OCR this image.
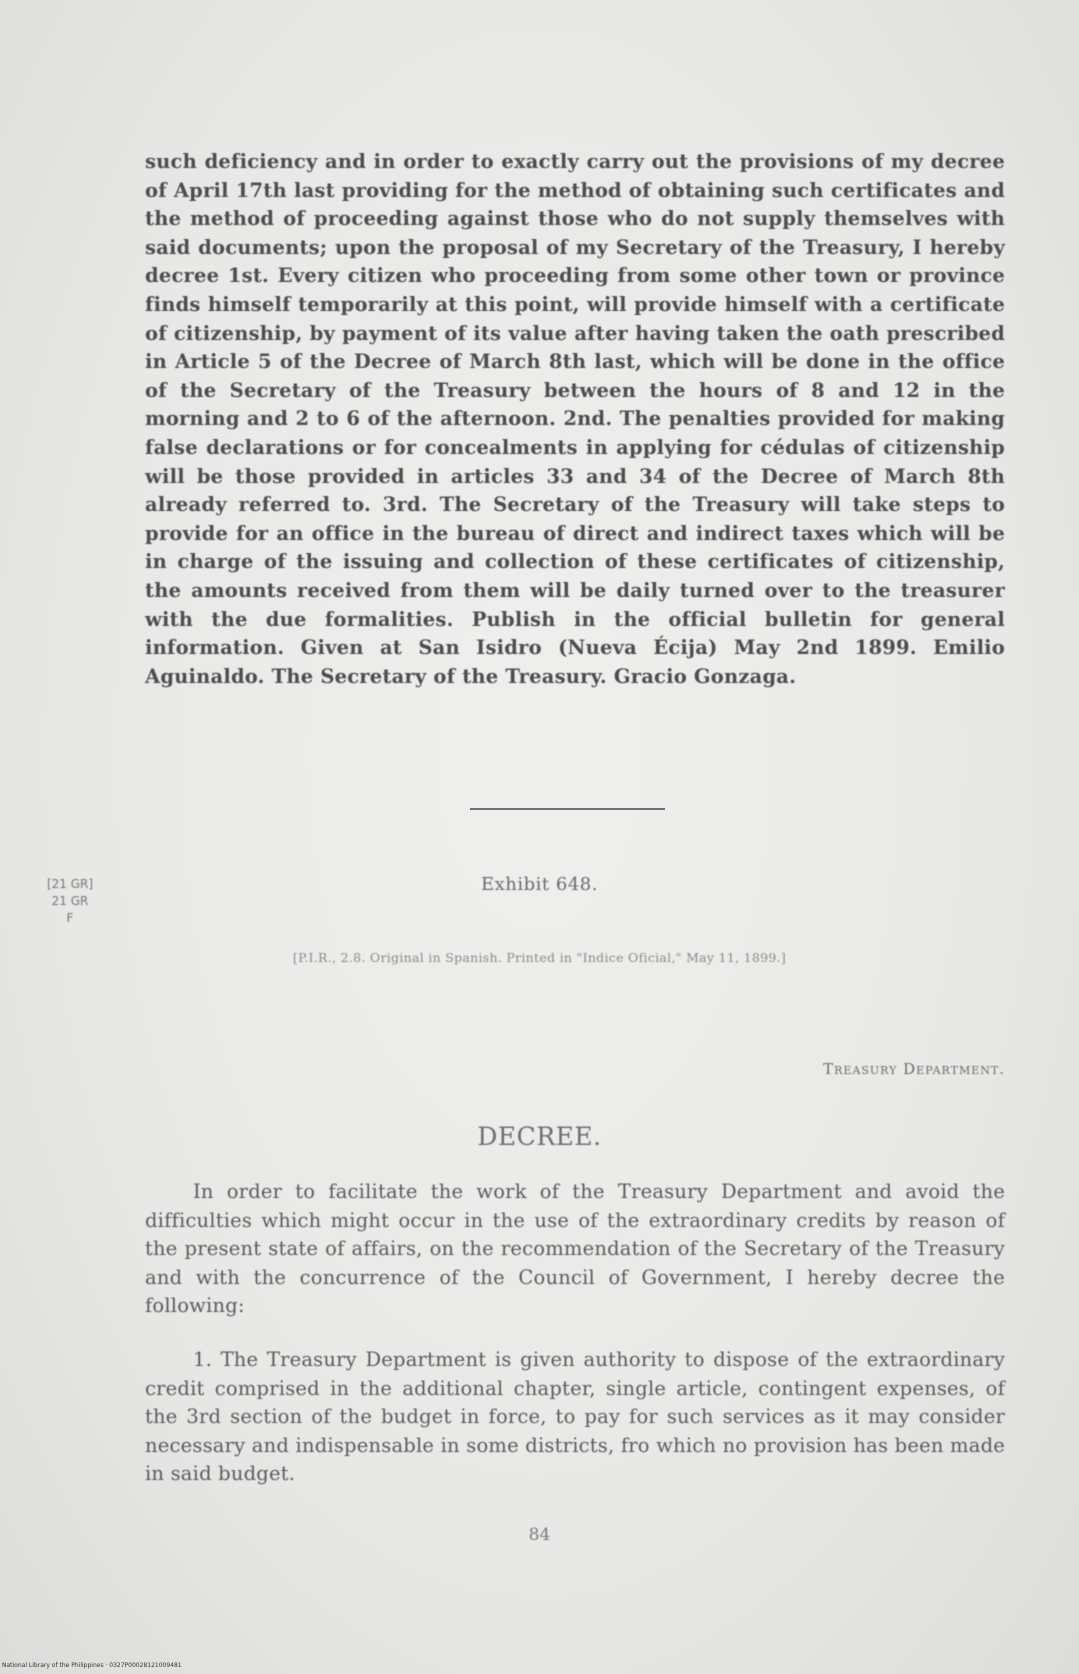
such deficiency and in order to exactly carry out the provisions of my decree of April 17th last providing for the method of obtaining such certificates and the method of proceeding against those who do not supply themselves with said documents; upon the proposal of my Secretary of the Treasury, I hereby decree 1st. Every citizen who proceeding from some other town or province finds himself temporarily at this point, will provide himself with a certificate of citizenship, by payment of its value after having taken the oath prescribed in Article 5 of the Decree of March 8th last, which will be done in the office of the Secretary of the Treasury between the hours of 8 and 12 in the morning and 2 to 6 of the afternoon. 2nd. The penalties provided for making false declarations or for concealments in applying for cédulas of citizenship will be those provided in articles 33 and 34 of the Decree of March 8th already referred to. 3rd. The Secretary of the Treasury will take steps to provide for an office in the bureau of direct and indirect taxes which will be in charge of the issuing and collection of these certificates of citizenship, the amounts received from them will be daily turned over to the treasurer with the due formalities. Publish in the official bulletin for general information. Given at San Isidro (Nueva Écija) May 2nd 1899. Emilio Aguinaldo. The Secretary of the Treasury. Gracio Gonzaga.

[21 GR]
21 GR
F
Exhibit 648.
[P.I.R., 2.8. Original in Spanish. Printed in "Indice Oficial," May 11, 1899.]
Treasury Department.
DECREE.

In order to facilitate the work of the Treasury Department and avoid the difficulties which might occur in the use of the extraordinary credits by reason of the present state of affairs, on the recommendation of the Secretary of the Treasury and with the concurrence of the Council of Government, I hereby decree the following:

1. The Treasury Department is given authority to dispose of the extraordinary credit comprised in the additional chapter, single article, contingent expenses, of the 3rd section of the budget in force, to pay for such services as it may consider necessary and indispensable in some districts, fro which no provision has been made in said budget.

84
National Library of the Philippines · 0327P00028121009481
